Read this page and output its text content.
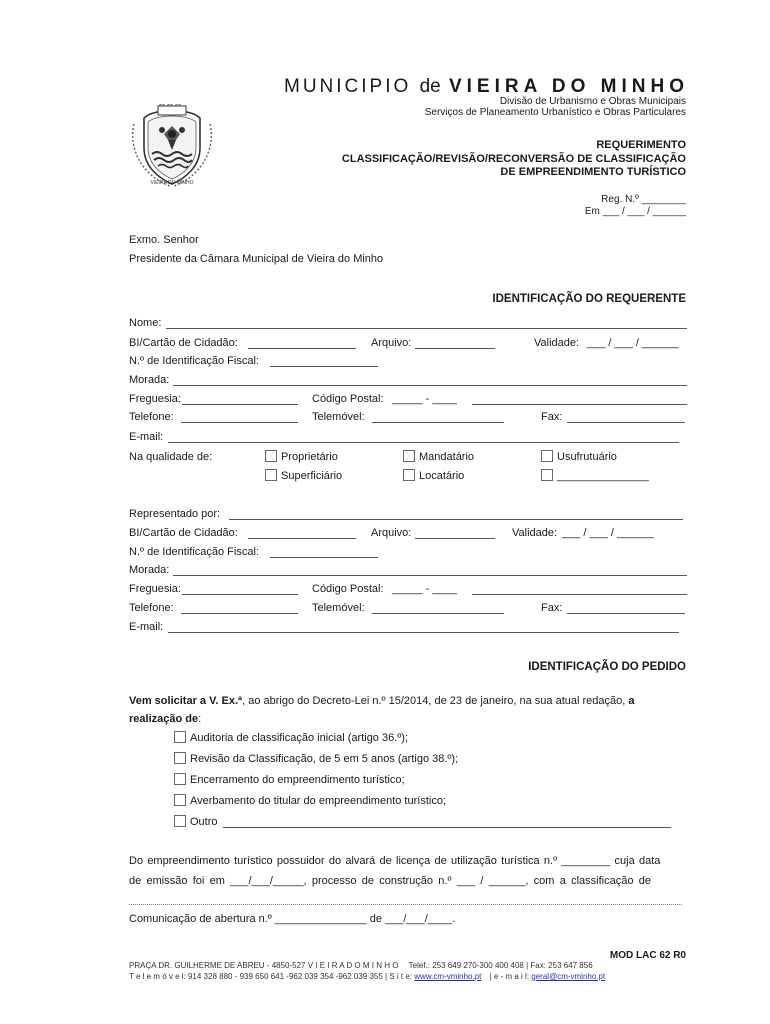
VIEIRA DO MINHO
MUNICIPIO de VIEIRA DO MINHO
Divisão de Urbanismo e Obras Municipais
Serviços de Planeamento Urbanístico e Obras Particulares
REQUERIMENTO
CLASSIFICAÇÃO/REVISÃO/RECONVERSÃO DE CLASSIFICAÇÃO
DE EMPREENDIMENTO TURÍSTICO
Reg. N.º ________
Em ___ / ___ / ______
Exmo. Senhor
Presidente da Câmara Municipal de Vieira do Minho
IDENTIFICAÇÃO DO REQUERENTE
Nome:
BI/Cartão de Cidadão:	Arquivo:	Validade: ___ / ___ / ______
N.º de Identificação Fiscal:
Morada:
Freguesia:	Código Postal: _____ - ____
Telefone:	Telemóvel:	Fax:
E-mail:
Na qualidade de:	Proprietário	Mandatário	Usufrutuário
Superficiário	Locatário	_______________
Representado por:
BI/Cartão de Cidadão:	Arquivo:	Validade: ___ / ___ / ______
N.º de Identificação Fiscal:
Morada:
Freguesia:	Código Postal: _____ - ____
Telefone:	Telemóvel:	Fax:
E-mail:
IDENTIFICAÇÃO DO PEDIDO
Vem solicitar a V. Ex.ª, ao abrigo do Decreto-Lei n.º 15/2014, de 23 de janeiro, na sua atual redação, a
realização de:
Auditoria de classificação inicial (artigo 36.º);
Revisão da Classificação, de 5 em 5 anos (artigo 38.º);
Encerramento do empreendimento turístico;
Averbamento do titular do empreendimento turístico;
Outro
Do empreendimento turístico possuidor do alvará de licença de utilização turística n.º ________ cuja data
de emissão foi em ___/___/_____, processo de construção n.º ___ / ______, com a classificação de
Comunicação de abertura n.º _______________ de ___/___/____.
MOD LAC 62 R0
PRAÇA DR. GUILHERME DE ABREU - 4850-527 V I E I R A D O M I N H O Telef.: 253 649 270-300 400 408 | Fax: 253 647 856
T e l e m ó v e l: 914 328 880 - 939 650 641 -962 039 354 -962 039 355 | S i t e: www.cm-vminho.pt | e - m a i l: geral@cm-vminho.pt
